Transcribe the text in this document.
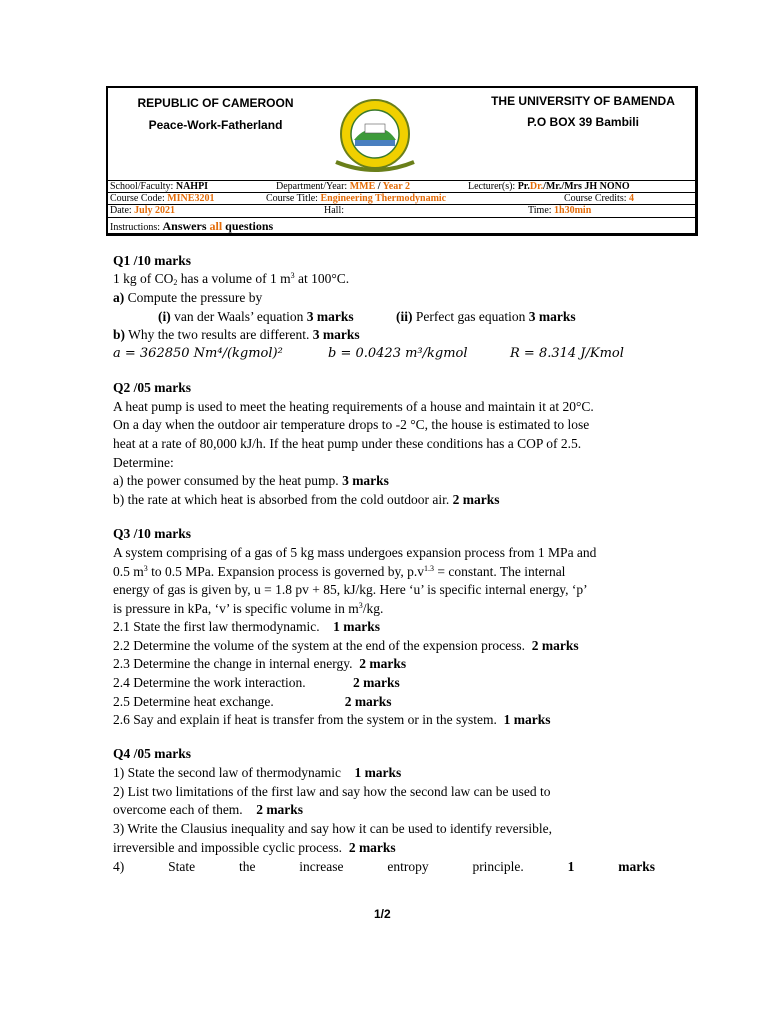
REPUBLIC OF CAMEROON
Peace-Work-Fatherland
THE UNIVERSITY OF BAMENDA
P.O BOX 39 Bambili
School/Faculty: NAHPI	Department/Year: MME / Year 2	Lecturer(s): Pr.Dr./Mr./Mrs JH NONO
Course Code: MINE3201	Course Title: Engineering Thermodynamic	Course Credits: 4
Date: July 2021	Hall:	Time: 1h30min
Instructions: Answers all questions
Q1 /10 marks
1 kg of $CO_2$ has a volume of 1 $m^3$ at 100°C.
a) Compute the pressure by
(i) van der Waals’ equation 3 marks	(ii) Perfect gas equation 3 marks
b) Why the two results are different. 3 marks
a = 362850 Nm⁴/(kgmol)²	b = 0.0423 m³/kgmol	R = 8.314 J/Kmol
Q2 /05 marks
A heat pump is used to meet the heating requirements of a house and maintain it at 20°C.
On a day when the outdoor air temperature drops to -2 °C, the house is estimated to lose
heat at a rate of 80,000 kJ/h. If the heat pump under these conditions has a COP of 2.5.
Determine:
a) the power consumed by the heat pump. 3 marks
b) the rate at which heat is absorbed from the cold outdoor air. 2 marks
Q3 /10 marks
A system comprising of a gas of 5 kg mass undergoes expansion process from 1 MPa and
0.5 $m^3$ to 0.5 MPa. Expansion process is governed by, $p.v^{1.3}$ = constant. The internal
energy of gas is given by, u = 1.8 pv + 85, kJ/kg. Here ‘u’ is specific internal energy, ‘p’
is pressure in kPa, ‘v’ is specific volume in $m^3/kg$.
2.1 State the first law thermodynamic.    1 marks
2.2 Determine the volume of the system at the end of the expension process.  2 marks
2.3 Determine the change in internal energy.  2 marks
2.4 Determine the work interaction.              2 marks
2.5 Determine heat exchange.                     2 marks
2.6 Say and explain if heat is transfer from the system or in the system.  1 marks
Q4 /05 marks
1) State the second law of thermodynamic    1 marks
2) List two limitations of the first law and say how the second law can be used to
overcome each of them.    2 marks
3) Write the Clausius inequality and say how it can be used to identify reversible,
irreversible and impossible cyclic process.  2 marks
4)	State	the	increase	entropy	principle.	1	marks
1/2
